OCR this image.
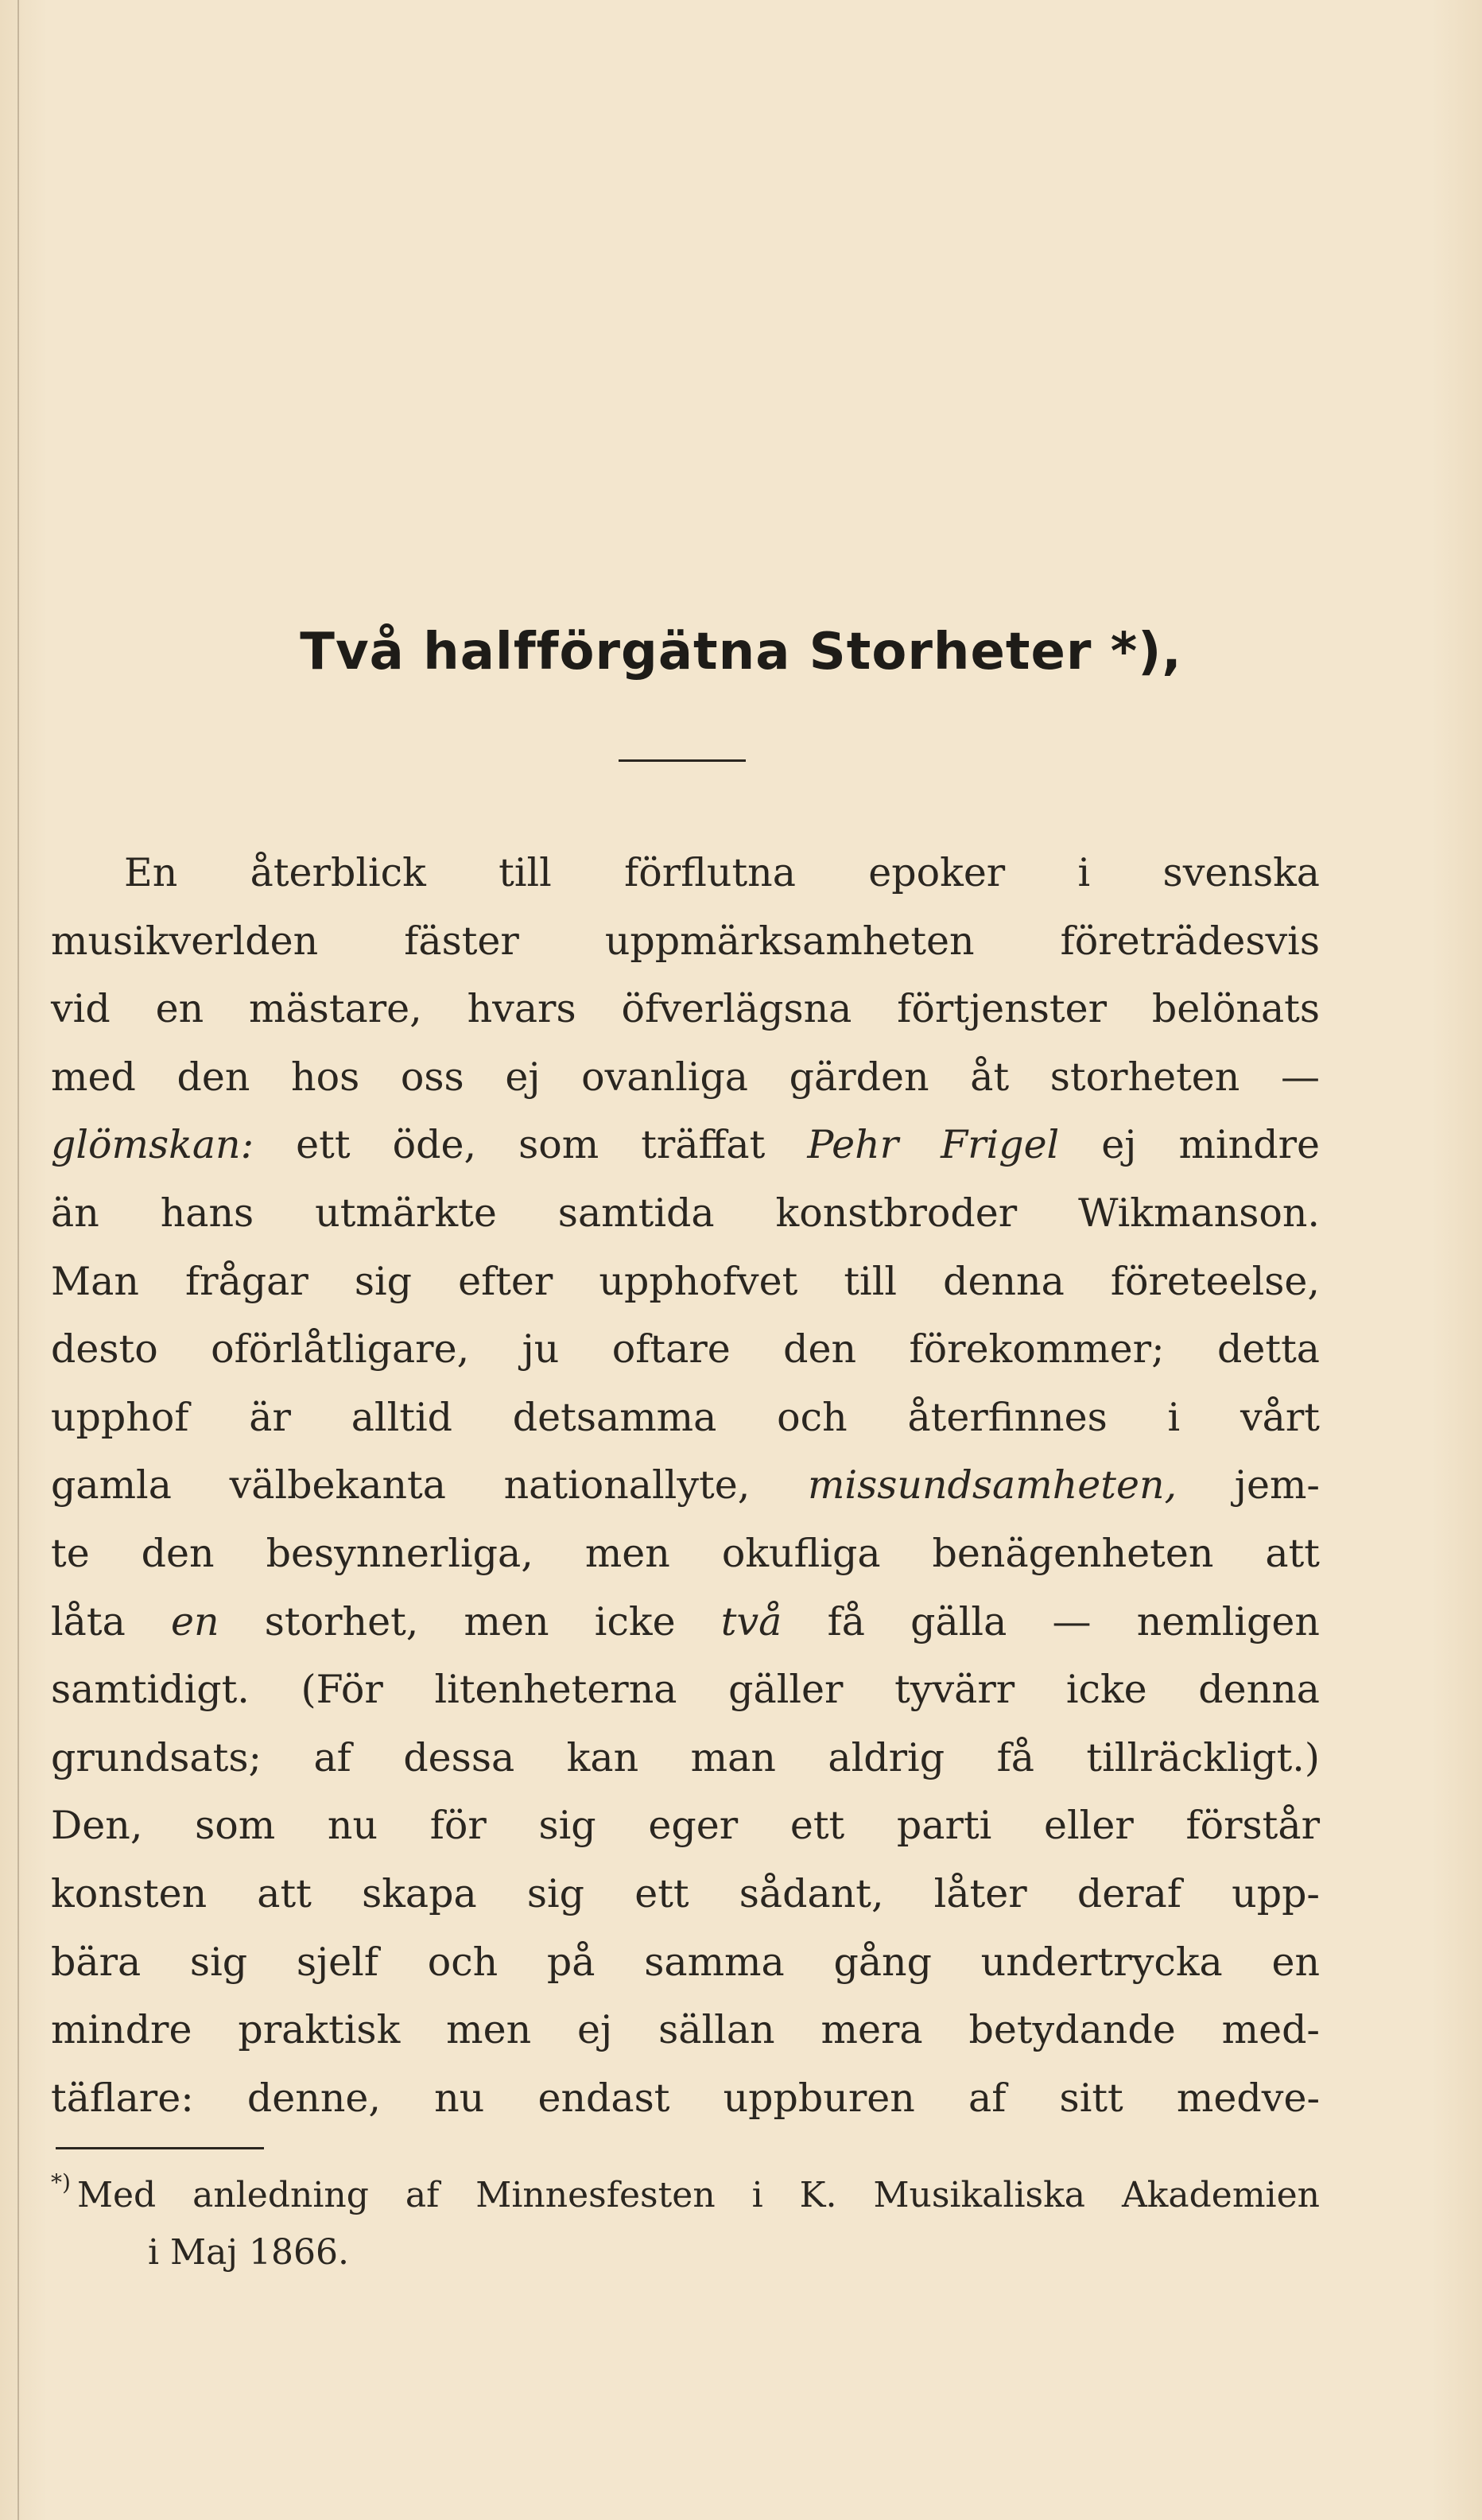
Två halfförgätna Storheter *),
En återblick till förflutna epoker i svenska
musikverlden fäster uppmärksamheten företrädesvis
vid en mästare, hvars öfverlägsna förtjenster belönats
med den hos oss ej ovanliga gärden åt storheten —
glömskan: ett öde, som träffat Pehr Frigel ej mindre
än hans utmärkte samtida konstbroder Wikmanson.
Man frågar sig efter upphofvet till denna företeelse,
desto oförlåtligare, ju oftare den förekommer; detta
upphof är alltid detsamma och återfinnes i vårt
gamla välbekanta nationallyte, missundsamheten, jem-
te den besynnerliga, men okufliga benägenheten att
låta en storhet, men icke två få gälla — nemligen
samtidigt. (För litenheterna gäller tyvärr icke denna
grundsats; af dessa kan man aldrig få tillräckligt.)
Den, som nu för sig eger ett parti eller förstår
konsten att skapa sig ett sådant, låter deraf upp-
bära sig sjelf och på samma gång undertrycka en
mindre praktisk men ej sällan mera betydande med-
täflare: denne, nu endast uppburen af sitt medve-
*) Med anledning af Minnesfesten i K. Musikaliska Akademien
i Maj 1866.
